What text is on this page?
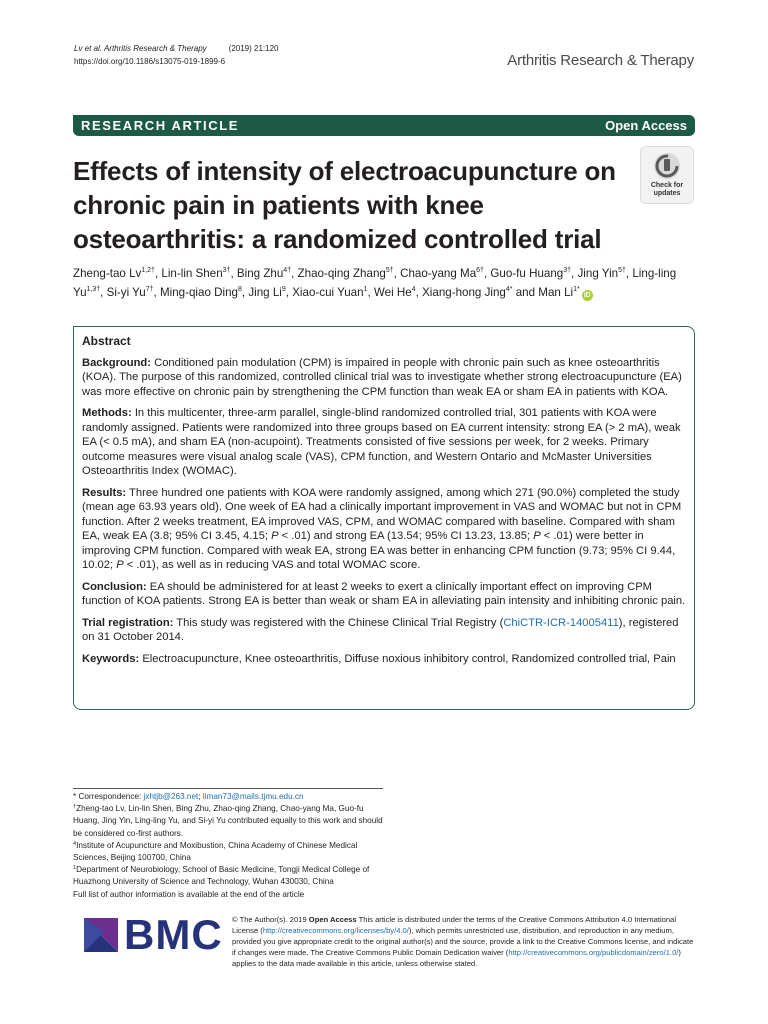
Lv et al. Arthritis Research & Therapy	(2019) 21:120
https://doi.org/10.1186/s13075-019-1899-6	Arthritis Research & Therapy
RESEARCH ARTICLE	Open Access
Effects of intensity of electroacupuncture on chronic pain in patients with knee osteoarthritis: a randomized controlled trial
Check for
updates
Zheng-tao $Lv^{1,2\dagger}$, Lin-lin Shen$^{3\dagger}$, Bing Zhu$^{4\dagger}$, Zhao-qing Zhang$^{5\dagger}$, Chao-yang $Ma^{6\dagger}$, Guo-fu Huang$^{3\dagger}$, Jing Yin$^{5\dagger}$, Ling-ling $Yu^{1,3\dagger}$, Si-yi $Yu^{7\dagger}$, Ming-qiao Ding$^8$, Jing Li$^9$, Xiao-cui Yuan$^1$, Wei He$^4$, Xiang-hong Jing$^{4*}$ and Man $Li^{1*}iD$
Abstract

Background: Conditioned pain modulation (CPM) is impaired in people with chronic pain such as knee osteoarthritis (KOA). The purpose of this randomized, controlled clinical trial was to investigate whether strong electroacupuncture (EA) was more effective on chronic pain by strengthening the CPM function than weak EA or sham EA in patients with KOA.

Methods: In this multicenter, three-arm parallel, single-blind randomized controlled trial, 301 patients with KOA were randomly assigned. Patients were randomized into three groups based on EA current intensity: strong EA (> 2 mA), weak EA (< 0.5 mA), and sham EA (non-acupoint). Treatments consisted of five sessions per week, for 2 weeks. Primary outcome measures were visual analog scale (VAS), CPM function, and Western Ontario and McMaster Universities Osteoarthritis Index (WOMAC).

Results: Three hundred one patients with KOA were randomly assigned, among which 271 (90.0%) completed the study (mean age 63.93 years old). One week of EA had a clinically important improvement in VAS and WOMAC but not in CPM function. After 2 weeks treatment, EA improved VAS, CPM, and WOMAC compared with baseline. Compared with sham EA, weak EA (3.8; 95% CI 3.45, 4.15; P < .01) and strong EA (13.54; 95% CI 13.23, 13.85; P < .01) were better in improving CPM function. Compared with weak EA, strong EA was better in enhancing CPM function (9.73; 95% CI 9.44, 10.02; P < .01), as well as in reducing VAS and total WOMAC score.

Conclusion: EA should be administered for at least 2 weeks to exert a clinically important effect on improving CPM function of KOA patients. Strong EA is better than weak or sham EA in alleviating pain intensity and inhibiting chronic pain.

Trial registration: This study was registered with the Chinese Clinical Trial Registry (ChiCTR-ICR-14005411), registered on 31 October 2014.

Keywords: Electroacupuncture, Knee osteoarthritis, Diffuse noxious inhibitory control, Randomized controlled trial, Pain

* Correspondence: jxhtjb@263.net; liman73@mails.tjmu.edu.cn

†Zheng-tao Lv, Lin-lin Shen, Bing Zhu, Zhao-qing Zhang, Chao-yang Ma, Guo-fu Huang, Jing Yin, Ling-ling Yu, and Si-yi Yu contributed equally to this work and should be considered co-first authors.

$^4$Institute of Acupuncture and Moxibustion, China Academy of Chinese Medical Sciences, Beijing 100700, China

$^1$Department of Neurobiology, School of Basic Medicine, Tongji Medical College of Huazhong University of Science and Technology, Wuhan 430030, China

Full list of author information is available at the end of the article

BMC © The Author(s). 2019 Open Access This article is distributed under the terms of the Creative Commons Attribution 4.0 International License (http://creativecommons.org/licenses/by/4.0/), which permits unrestricted use, distribution, and reproduction in any medium, provided you give appropriate credit to the original author(s) and the source, provide a link to the Creative Commons license, and indicate if changes were made. The Creative Commons Public Domain Dedication waiver (http://creativecommons.org/publicdomain/zero/1.0/) applies to the data made available in this article, unless otherwise stated.
